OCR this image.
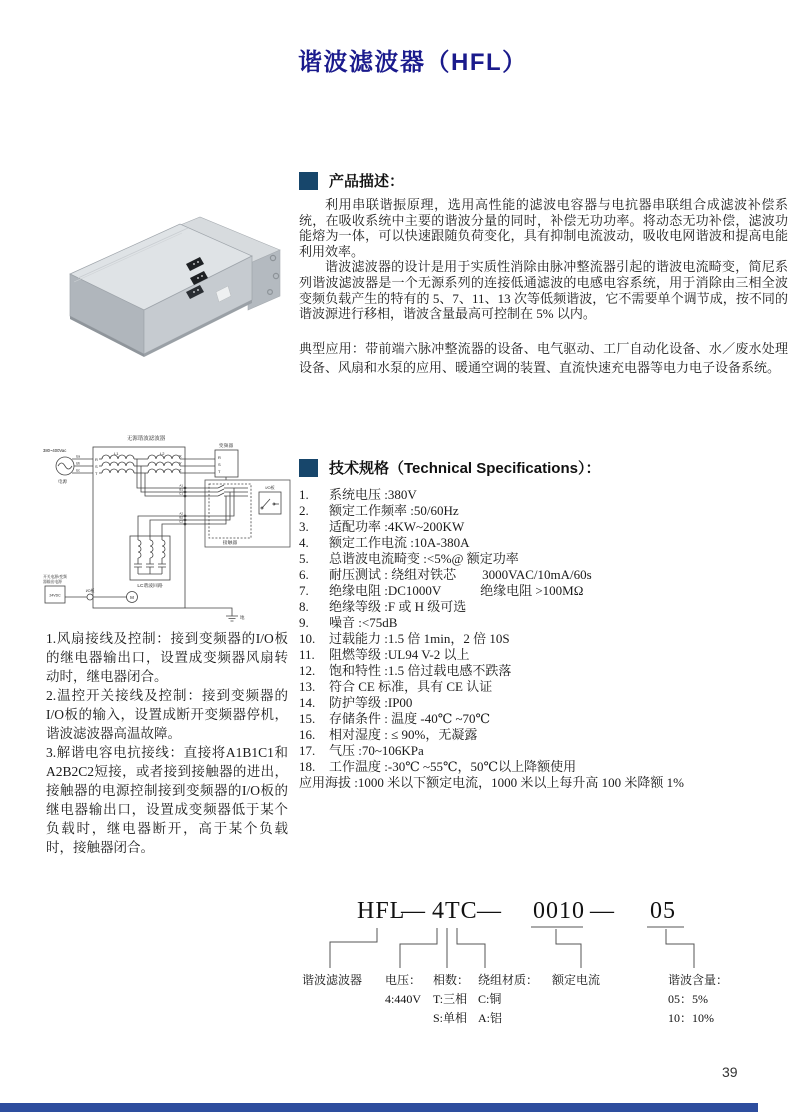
谐波滤波器（HFL）
产品描述：

利用串联谐振原理，选用高性能的滤波电容器与电抗器串联组合成滤波补偿系统，在吸收系统中主要的谐波分量的同时，补偿无功功率。将动态无功补偿，滤波功能熔为一体，可以快速跟随负荷变化，具有抑制电流波动，吸收电网谐波和提高电能利用效率。

谐波滤波器的设计是用于实质性消除由脉冲整流器引起的谐波电流畸变，简尼系列谐波滤波器是一个无源系列的连接低通滤波的电感电容系统，用于消除由三相全波变频负载产生的特有的 5、7、11、13 次等低频谐波，它不需要单个调节成，按不同的谐波源进行移相，谐波含量最高可控制在 5% 以内。

典型应用：带前端六脉冲整流器的设备、电气驱动、工厂自动化设备、水／废水处理设备、风扇和水泵的应用、暖通空调的装置、直流快速充电器等电力电子设备系统。

无源谐波滤波器
380~400Vac
电源
Ua
Ub
Uc
R
S
T
L1	L2	X
Y
Z
变频器
R
S
T
接触器
I/O板
A1
B1
C1
A2
B2
C2
LC谐波回路
开关电源/变频
器输出电源
24VDC
I/O板
M
地

1.风扇接线及控制：接到变频器的I/O板的继电器输出口，设置成变频器风扇转动时，继电器闭合。

2.温控开关接线及控制：接到变频器的I/O板的输入，设置成断开变频器停机，谐波滤波器高温故障。

3.解谐电容电抗接线：直接将A1B1C1和A2B2C2短接，或者接到接触器的进出，接触器的电源控制接到变频器的I/O板的继电器输出口，设置成变频器低于某个负载时，继电器断开，高于某个负载时，接触器闭合。

技术规格（Technical Specifications）：
1.	系统电压 :380V
2.	额定工作频率 :50/60Hz
3.	适配功率 :4KW~200KW
4.	额定工作电流 :10A-380A
5.	总谐波电流畸变 :<5%@ 额定功率
6.	耐压测试 : 绕组对铁芯　　3000VAC/10mA/60s
7.	绝缘电阻 :DC1000V　　　绝缘电阻 >100MΩ
8.	绝缘等级 :F 或 H 级可选
9.	噪音 :<75dB
10.	过载能力 :1.5 倍 1min，2 倍 10S
11.	阻燃等级 :UL94 V-2 以上
12.	饱和特性 :1.5 倍过载电感不跌落
13.	符合 CE 标准，具有 CE 认证
14.	防护等级 :IP00
15.	存储条件 : 温度 -40℃ ~70℃
16.	相对湿度 : ≤ 90%，无凝露
17.	气压 :70~106KPa
18.	工作温度 :-30℃ ~55℃，50℃以上降额使用
应用海拔 :1000 米以下额定电流，1000 米以上每升高 100 米降额 1%
HFL
— 4TC — 0010 — 05
谐波滤波器 电压：
4:440V
相数：
T:三相
S:单相
绕组材质：
C:铜
A:铝
额定电流	谐波含量：
05：5%
10：10%
39
